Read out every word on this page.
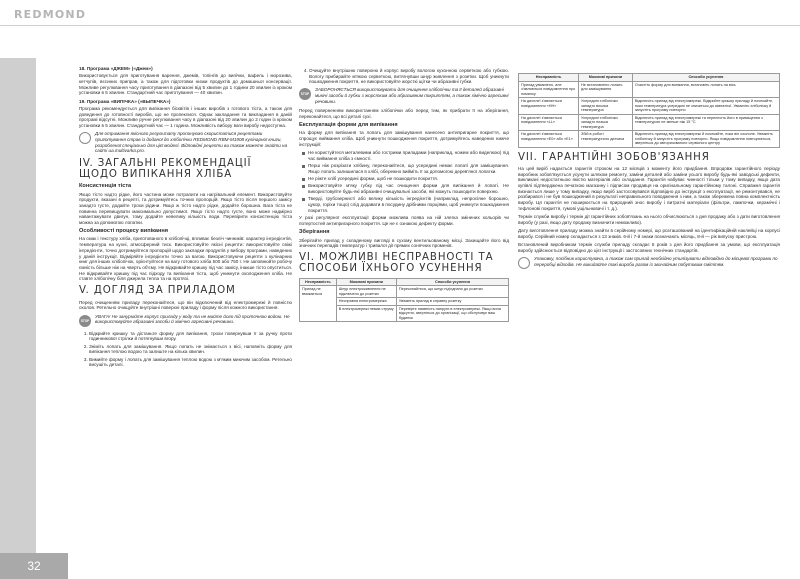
REDMOND
32
18. Програма «ДЖЕМ» («Джем»)

Використовується для приготування варення, джемів, топінгів до випічки, вафель і морозива, кетчупів, вєсиних приправ, а також для підготовки низки продуктів до домашньої консервації. Можливе регулювання часу приготування в діапазоні від 5 хвилин до 1 години 20 хвилин із кроком установки в 5 хвилин. Стандартний час приготування — 40 хвилин.

19. Програма «ВИПІЧКА» («ВЫПЕЧКА»)

Програма рекомендується для випікання бісквітів і інших виробів з готового тіста, а також для доведення до готовності виробів, що не пропеклися. Однак закладання та викладання в даній програмі відсутні. Можливе ручне регулювання часу в діапазоні від 20 хвилин до 2 годин із кроком установки в 5 хвилин. Стандартний час — 1 година. Можливість вибору ваги виробу недоступна.

Для отримання якісного результату пропонуємо скористатися рецептами приготування страв із доданої до хлібопічки REDMOND RBM-M1908 кулінарної книги, розробленої спеціально для цієї моделі. Відповідні рецепти ви також можете знайти на сайті ua.multivarka.pro.
IV. ЗАГАЛЬНІ РЕКОМЕНДАЦІЇ ЩОДО ВИПІКАННЯ ХЛІБА
Консистенція тіста

Якщо тісто надто рідке, його частина може потрапити на нагрівальний елемент. Використовуйте продукти, вказані в рецепті, та дотримуйтесь точних пропорцій. Якщо тісто після першого замісу занадто густе, додайте трохи рідини. Якщо ж тісто надто рідке, додайте борошна. Вага тіста не повинна перевищувати максимально допустимої. Якщо тісто надто густе, воно може надмірно навантажувати двигун, тому додайте невелику кількість води. Перевірити консистенцію тіста можна за допомогою лопатки.

Особливості процесу випікання

На смак і текстуру хліба, приготованого в хлібопічці, впливає безліч чинників: характер інгредієнтів, температура на кухні, атмосферний тиск. Використовуйте якісні рецепти: використовуйте свіжі інгредієнти, точно дотримуйтеся пропорцій щодо закладки продуктів у вибору програми, наведених у даній інструкції. Відміряйте інгредієнти точно за вагою. Використовуючи рецепти з кулінарних книг для інших хлібопічок, орієнтуйтеся на вагу готового хліба 500 або 750 г. Не заповнюйте робочу ємність більше ніж на чверть об'єму. Не відкривайте кришку під час замісу, інакше тісто опуститься. Не відкривайте кришку під час підходу та випікання тіста, щоб уникнути охолодження хліба. Не ставте хлібопічку біля джерела тепла та на протязі.

V. ДОГЛЯД ЗА ПРИЛАДОМ

Перед очищенням приладу переконайтеся, що він відключений від електромережі й повністю охолов. Ретельно очищуйте внутрішні поверхні приладу і форму після кожного використання.

STOP
УВАГА! Не занурюйте корпус приладу у воду та не мийте його під проточною водою. Не використовуйте абразивні засоби й хімічно агресивні речовини.
1. Відкрийте кришку та дістаньте форму для випікання, трохи повернувши її за ручку проти годинникової стрілки й потягнувши вгору.
2. Зніміть лопать для замішування. Якщо лопать не знімається з вісі, наповніть форму для випікання теплою водою та залиште на кілька хвилин.
3. Вимийте форму і лопать для замішування теплою водою з м'яким миючим засобом. Ретельно висушіть деталі.
4. Очищуйте внутрішню поверхню й корпус виробу вологою кухонною серветкою або губкою. Вологу прибирайте м'якою серветкою, витягнувши шнур живлення з розетки. Щоб уникнути пошкодження покриття, не використовуйте жорсткі щітки чи абразивні губки.
STOP
ЗАБОРОНЯЄТЬСЯ використовувати для очищення хлібопічки та її деталей абразивні миючі засоби й губки з жорстким або абразивним покриттям, а також хімічно агресивні речовини.

Перед поверненням використанням хлібопічки або перед тим, як прибрати її на зберігання, переконайтеся, що всі деталі сухі.

Експлуатація форми для випікання

На форму для випікання та лопать для замішування нанесено антипригарне покриття, що спрощує виймання хліба. Щоб уникнути пошкодження покриття, дотримуйтесь наведених нижче інструкцій:

Не користуйтеся металевими або гострими приладами (наприклад, ножем або виделкою) під час виймання хліба з ємності.
Перш ніж розрізати хлібину, переконайтеся, що усередині немає лопаті для замішування. Якщо лопать залишилася в хлібі, обережно вийміть її за допомогою дерев'яної лопатки.
Не ріжте хліб усередині форми, щоб не пошкодити покриття.
Використовуйте м'яку губку під час очищення форми для випікання й лопаті. Не використовуйте будь-які абразивні очищувальні засоби, які можуть пошкодити поверхню.
Тверді, грубозернисті або велику кількість інгредієнтів (наприклад, непросіяне борошно, цукор, горіхи тощо) слід додавати в посудину дрібними порціями, щоб уникнути пошкодження покриття.

У разі регулярної експлуатації форми можлива поява на ній злегка змінених кольорів чи потертостей антипригарного покриття. Це не є ознакою дефекту форми.

Зберігання

Зберігайте прилад у складеному вигляді в сухому вентильованому місці. Захищайте його від значних перепадів температур і тривалої дії прямих сонячних променів.

VI. МОЖЛИВІ НЕСПРАВНОСТІ ТА СПОСОБИ ЇХНЬОГО УСУНЕННЯ
Несправність	Можливі причини	Способи усунення
Прилад не вмикається	Шнур електроживлення не підключено до розетки	Переконайтеся, що шнур під'єднано до розетки
	Несправна електромережа	Увімкніть прилад в справну розетку
	В електромережі немає струму	Перевірте наявність напруги в електромережі. Якщо вона відсутня, зверніться до організації, що обслуговує ваш будинок
Несправність	Можливі причини	Способи усунення
Прилад увімкнено, але з'являються повідомлення про помилку	Не встановлено лопать для замішування	Очистіть форму для випікання, встановіть лопать на вісь
На дисплеї з'являється повідомлення «НН»	Усередині хлібопічки занадто висока температура	Відключіть прилад від електромережі. Відкрийте кришку приладу й почекайте, поки температура усередині не знизиться до кімнатної. Увімкніть хлібопічку й запустіть програму повторно
На дисплеї з'являється повідомлення «LL»	Усередині хлібопічки занадто низька температура	Відключіть прилад від електромережі та перенесіть його в приміщення з температурою не менше ніж 15 °С
На дисплеї з'являється повідомлення «Е0» або «Е1»	Збій в роботі температурного датчика	Відключіть прилад від електромережі й почекайте, поки він охолоне. Увімкніть хлібопічку й запустіть програму повторно. Якщо повідомлення повторюється, зверніться до авторизованого сервісного центру
VII. ГАРАНТІЙНІ ЗОБОВ'ЯЗАННЯ

На цей виріб надається гарантія строком на 12 місяців з моменту його придбання. Впродовж гарантійного періоду виробник зобов'язується усунути шляхом ремонту, заміни деталей або заміни усього виробу будь-які заводські дефекти, викликані недостатньою якістю матеріалів або складання. Гарантія набуває чинності тільки у тому випадку, якщо дата купівлі підтверджена печаткою магазину і підписом продавця на оригінальному гарантійному талоні. Справжня гарантія визнається лише у тому випадку, якщо виріб застосовувався відповідно до інструкції з експлуатації, не ремонтувався, не розбирався і не був пошкоджений в результаті неправильного поводження з ним, а також збережена повна комплектність виробу. Ця гарантія не поширюється на природний знос виробу і витратні матеріали (фільтри, лампочки, керамічні і тефлонові покриття, гумові ущільнювачі і т. д.).

Термін служби виробу і термін дії гарантійних зобов'язань на нього обчислюються з дня продажу або з дати виготовлення виробу (у разі, якщо дату продажу визначити неможливо).

Дату виготовлення приладу можна знайти в серійному номері, що розташований на ідентифікаційній наклейці на корпусі виробу. Серійний номер складається з 13 знаків. 6-й і 7-й знаки позначають місяць, 8-й — рік випуску пристрою.

Встановлений виробником термін служби приладу складає 5 років з дня його придбання за умови, що експлуатація виробу здійснюється відповідно до цієї інструкції і застосовних технічних стандартів.

Упаковку, посібник користувача, а також сам прилад необхідно утилізувати відповідно до місцевої програми по переробці відходів. Не викидайте такі вироби разом із звичайним побутовим сміттям.
